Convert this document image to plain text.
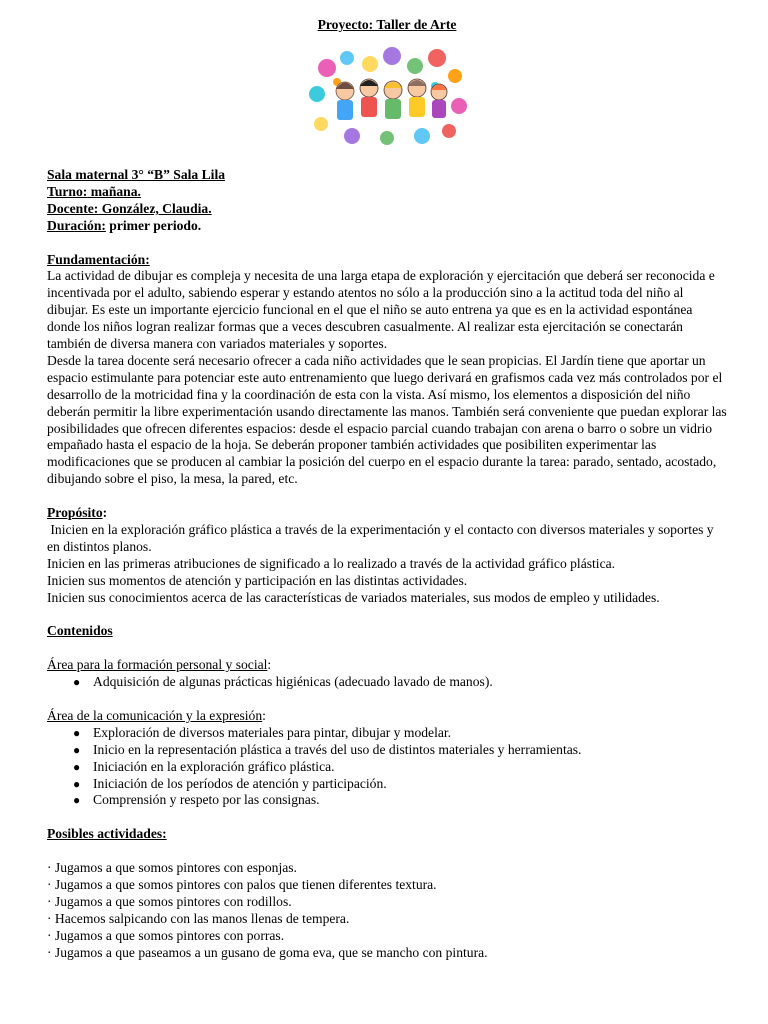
Proyecto: Taller de Arte

Sala maternal 3° “B” Sala Lila
Turno: mañana.
Docente: González, Claudia.
Duración: primer periodo.

Fundamentación:

La actividad de dibujar es compleja y necesita de una larga etapa de exploración y ejercitación que deberá ser reconocida e incentivada por el adulto, sabiendo esperar y estando atentos no sólo a la producción sino a la actitud toda del niño al dibujar. Es este un importante ejercicio funcional en el que el niño se auto entrena ya que es en la actividad espontánea donde los niños logran realizar formas que a veces descubren casualmente. Al realizar esta ejercitación se conectarán también de diversa manera con variados materiales y soportes.

Desde la tarea docente será necesario ofrecer a cada niño actividades que le sean propicias. El Jardín tiene que aportar un espacio estimulante para potenciar este auto entrenamiento que luego derivará en grafismos cada vez más controlados por el desarrollo de la motricidad fina y la coordinación de esta con la vista. Así mismo, los elementos a disposición del niño deberán permitir la libre experimentación usando directamente las manos. También será conveniente que puedan explorar las posibilidades que ofrecen diferentes espacios: desde el espacio parcial cuando trabajan con arena o barro o sobre un vidrio empañado hasta el espacio de la hoja. Se deberán proponer también actividades que posibiliten experimentar las modificaciones que se producen al cambiar la posición del cuerpo en el espacio durante la tarea: parado, sentado, acostado, dibujando sobre el piso, la mesa, la pared, etc.

Propósito:

Inicien en la exploración gráfico plástica a través de la experimentación y el contacto con diversos materiales y soportes y en distintos planos.

Inicien en las primeras atribuciones de significado a lo realizado a través de la actividad gráfico plástica.

Inicien sus momentos de atención y participación en las distintas actividades.

Inicien sus conocimientos acerca de las características de variados materiales, sus modos de empleo y utilidades.

Contenidos

Área para la formación personal y social:

● Adquisición de algunas prácticas higiénicas (adecuado lavado de manos).

Área de la comunicación y la expresión:

● Exploración de diversos materiales para pintar, dibujar y modelar.
● Inicio en la representación plástica a través del uso de distintos materiales y herramientas.
● Iniciación en la exploración gráfico plástica.
● Iniciación de los períodos de atención y participación.
● Comprensión y respeto por las consignas.

Posibles actividades:

· Jugamos a que somos pintores con esponjas.

· Jugamos a que somos pintores con palos que tienen diferentes textura.

· Jugamos a que somos pintores con rodillos.

· Hacemos salpicando con las manos llenas de tempera.

· Jugamos a que somos pintores con porras.

· Jugamos a que paseamos a un gusano de goma eva, que se mancho con pintura.
